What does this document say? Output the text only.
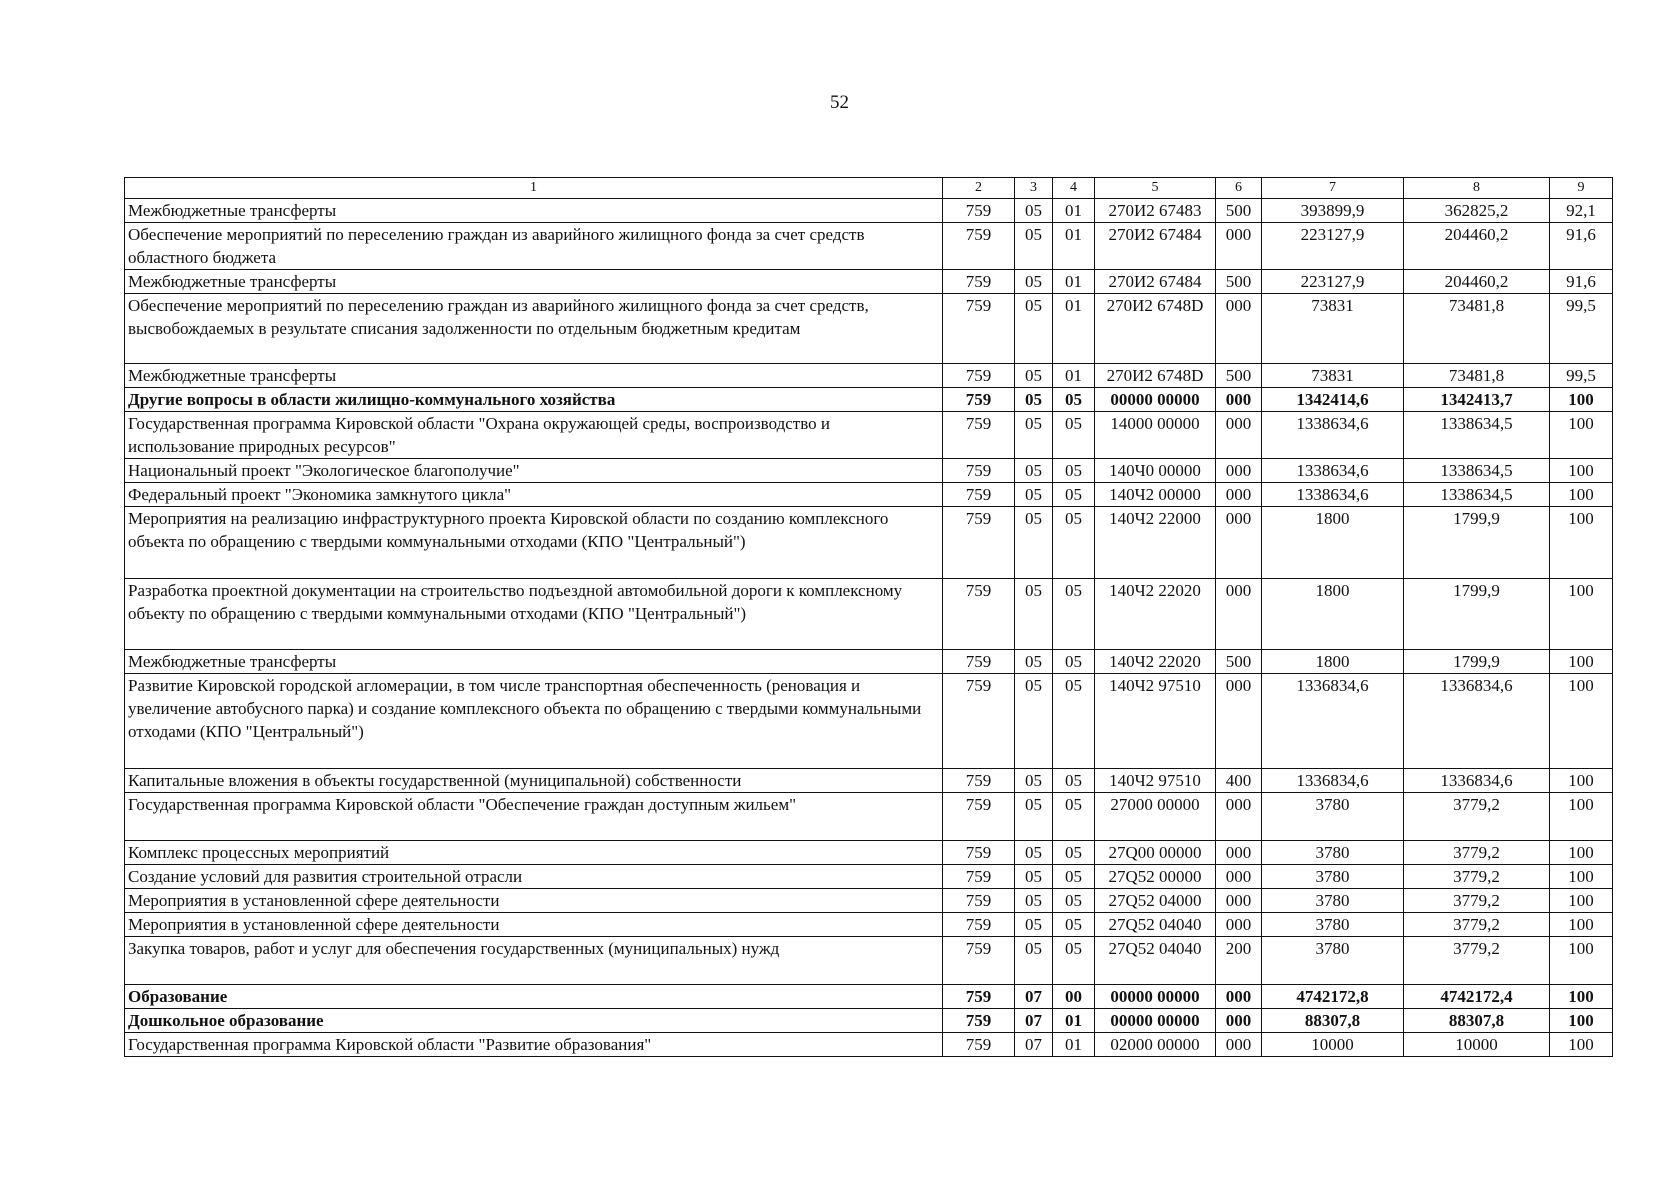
52
1	2	3	4	5	6	7	8	9
Межбюджетные трансферты	759	05	01	270И2 67483	500	393899,9	362825,2	92,1
Обеспечение мероприятий по переселению граждан из аварийного жилищного фонда за счет средств областного бюджета	759	05	01	270И2 67484	000	223127,9	204460,2	91,6
Межбюджетные трансферты	759	05	01	270И2 67484	500	223127,9	204460,2	91,6
Обеспечение мероприятий по переселению граждан из аварийного жилищного фонда за счет средств, высвобождаемых в результате списания задолженности по отдельным бюджетным кредитам	759	05	01	270И2 6748D	000	73831	73481,8	99,5
Межбюджетные трансферты	759	05	01	270И2 6748D	500	73831	73481,8	99,5
Другие вопросы в области жилищно-коммунального хозяйства	759	05	05	00000 00000	000	1342414,6	1342413,7	100
Государственная программа Кировской области "Охрана окружающей среды, воспроизводство и использование природных ресурсов"	759	05	05	14000 00000	000	1338634,6	1338634,5	100
Национальный проект "Экологическое благополучие"	759	05	05	140Ч0 00000	000	1338634,6	1338634,5	100
Федеральный проект "Экономика замкнутого цикла"	759	05	05	140Ч2 00000	000	1338634,6	1338634,5	100
Мероприятия на реализацию инфраструктурного проекта Кировской области по созданию комплексного объекта по обращению с твердыми коммунальными отходами (КПО "Центральный")	759	05	05	140Ч2 22000	000	1800	1799,9	100
Разработка проектной документации на строительство подъездной автомобильной дороги к комплексному объекту по обращению с твердыми коммунальными отходами (КПО "Центральный")	759	05	05	140Ч2 22020	000	1800	1799,9	100
Межбюджетные трансферты	759	05	05	140Ч2 22020	500	1800	1799,9	100
Развитие Кировской городской агломерации, в том числе транспортная обеспеченность (реновация и увеличение автобусного парка) и создание комплексного объекта по обращению с твердыми коммунальными отходами (КПО "Центральный")	759	05	05	140Ч2 97510	000	1336834,6	1336834,6	100
Капитальные вложения в объекты государственной (муниципальной) собственности	759	05	05	140Ч2 97510	400	1336834,6	1336834,6	100
Государственная программа Кировской области "Обеспечение граждан доступным жильем"	759	05	05	27000 00000	000	3780	3779,2	100
Комплекс процессных мероприятий	759	05	05	27Q00 00000	000	3780	3779,2	100
Создание условий для развития строительной отрасли	759	05	05	27Q52 00000	000	3780	3779,2	100
Мероприятия в установленной сфере деятельности	759	05	05	27Q52 04000	000	3780	3779,2	100
Мероприятия в установленной сфере деятельности	759	05	05	27Q52 04040	000	3780	3779,2	100
Закупка товаров, работ и услуг для обеспечения государственных (муниципальных) нужд	759	05	05	27Q52 04040	200	3780	3779,2	100
Образование	759	07	00	00000 00000	000	4742172,8	4742172,4	100
Дошкольное образование	759	07	01	00000 00000	000	88307,8	88307,8	100
Государственная программа Кировской области "Развитие образования"	759	07	01	02000 00000	000	10000	10000	100
